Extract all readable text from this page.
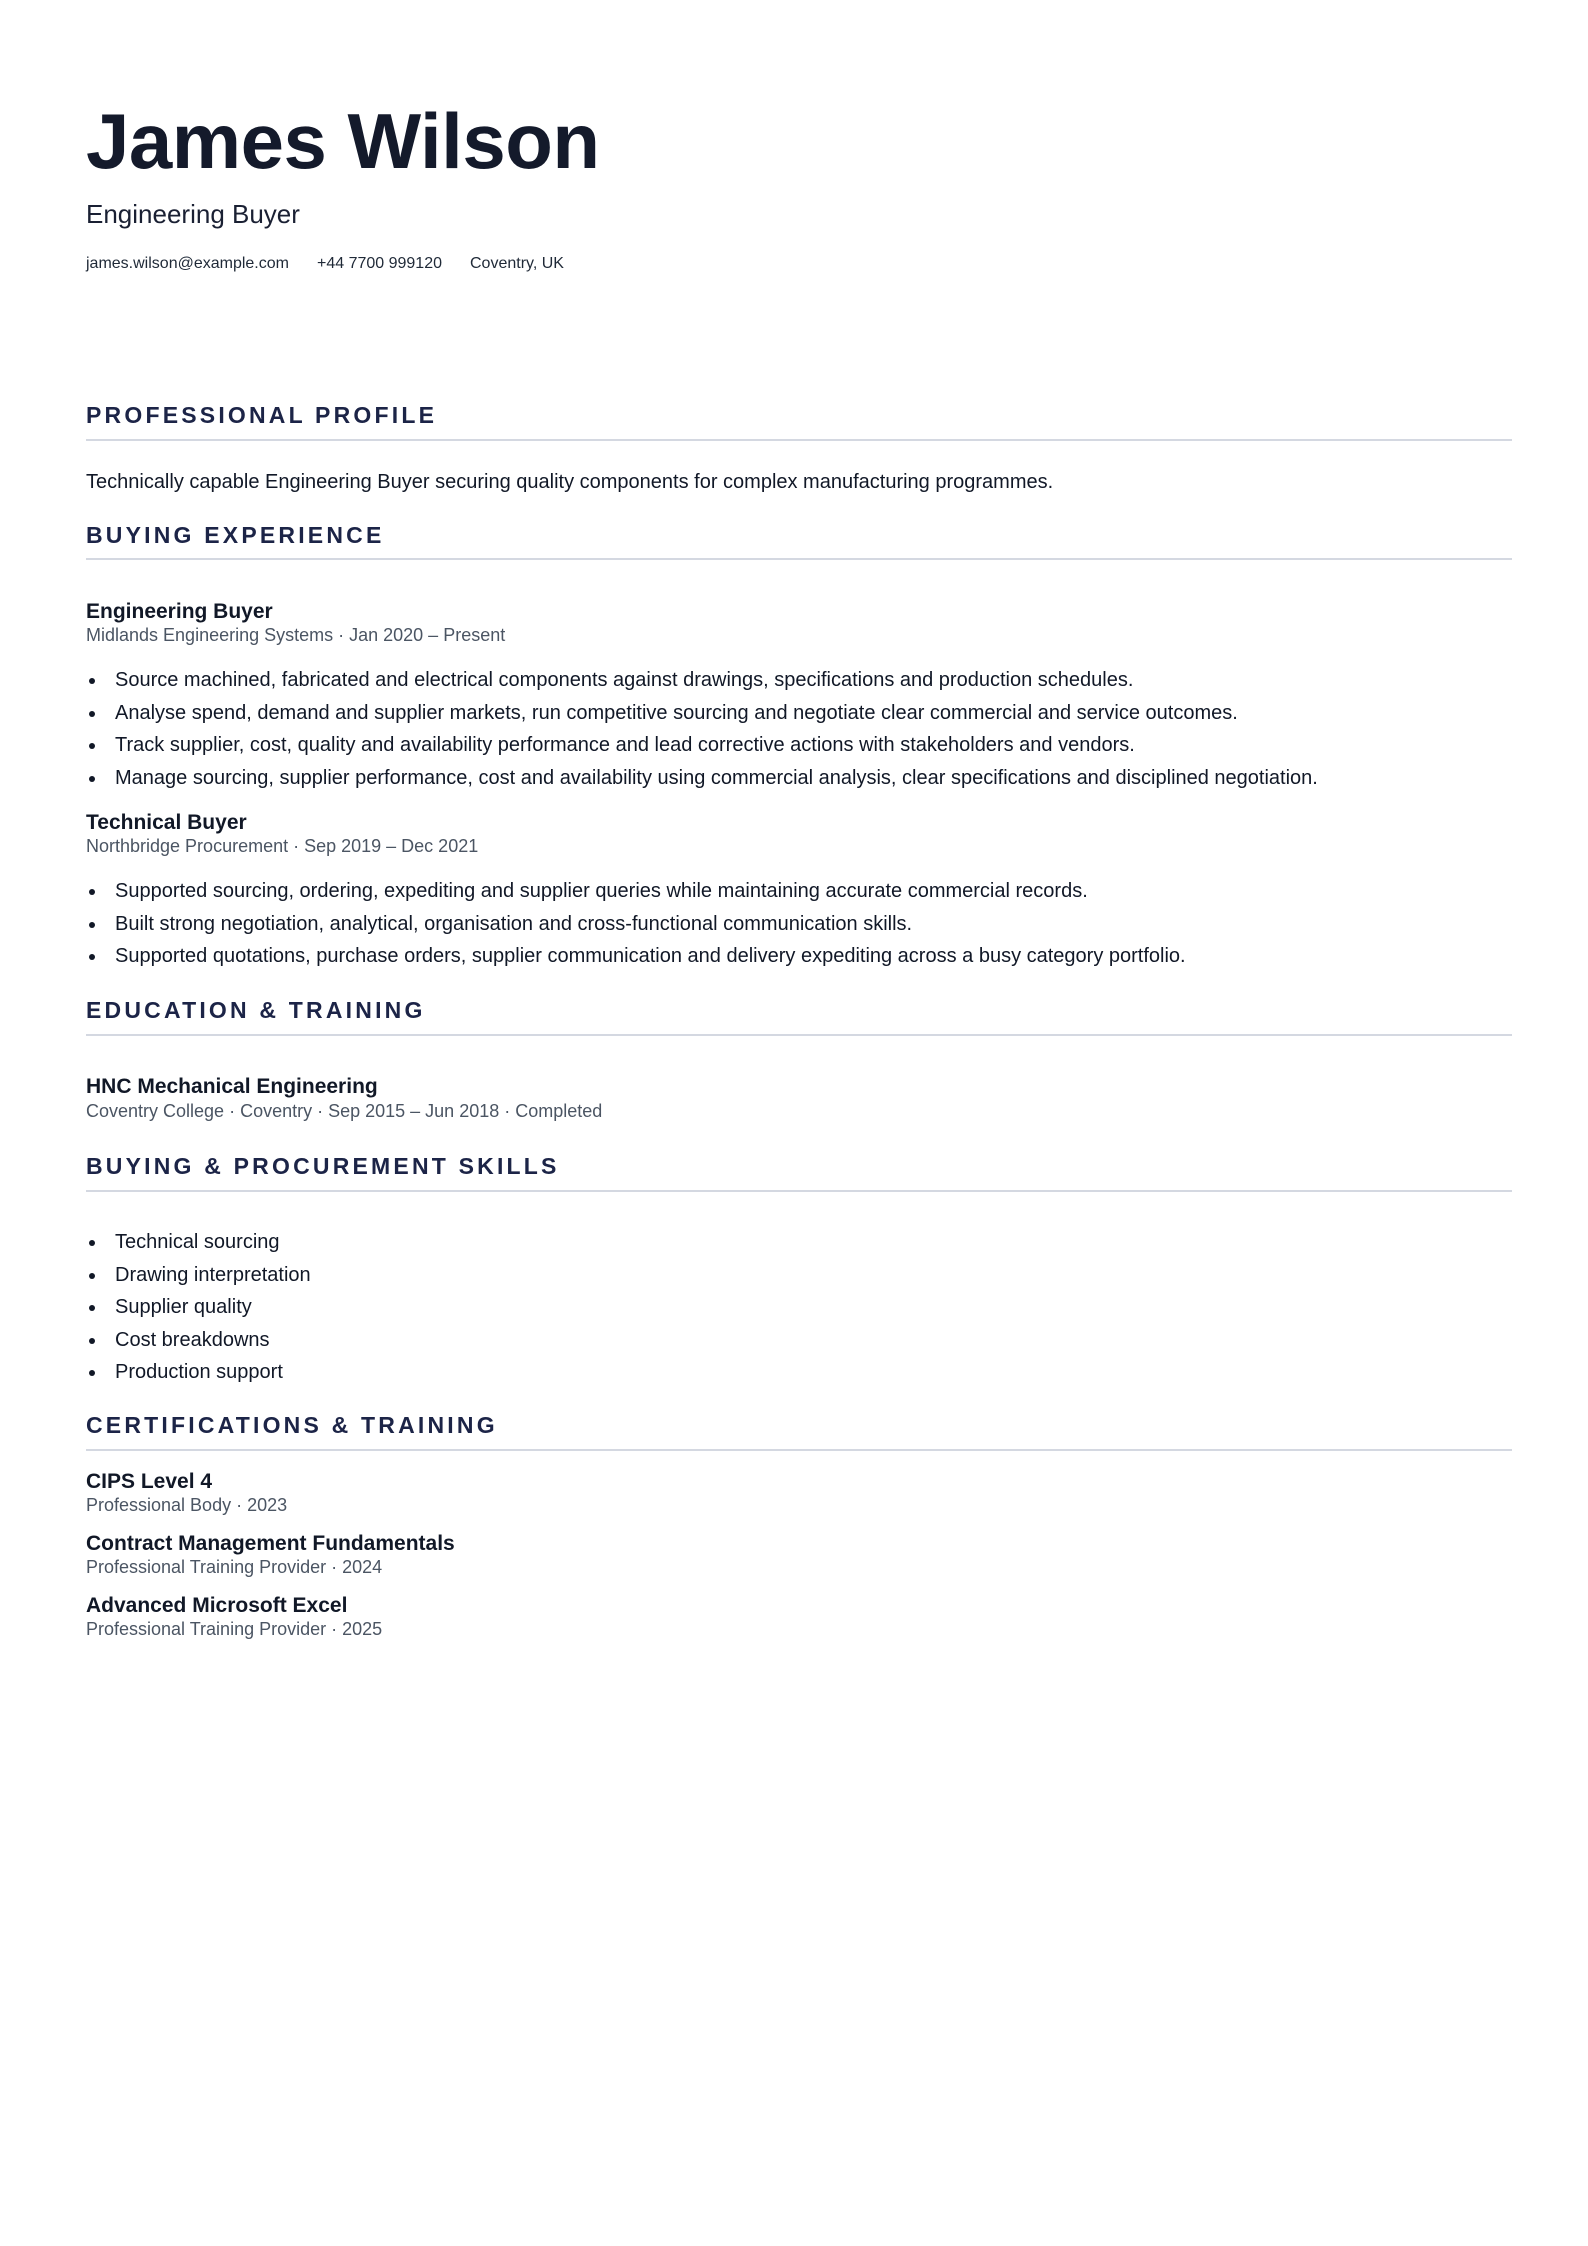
James Wilson
Engineering Buyer
james.wilson@example.com +44 7700 999120 Coventry, UK
PROFESSIONAL PROFILE
Technically capable Engineering Buyer securing quality components for complex manufacturing programmes.
BUYING EXPERIENCE
Engineering Buyer
Midlands Engineering Systems · Jan 2020 – Present
Source machined, fabricated and electrical components against drawings, specifications and production schedules.
Analyse spend, demand and supplier markets, run competitive sourcing and negotiate clear commercial and service outcomes.
Track supplier, cost, quality and availability performance and lead corrective actions with stakeholders and vendors.
Manage sourcing, supplier performance, cost and availability using commercial analysis, clear specifications and disciplined negotiation.
Technical Buyer
Northbridge Procurement · Sep 2019 – Dec 2021
Supported sourcing, ordering, expediting and supplier queries while maintaining accurate commercial records.
Built strong negotiation, analytical, organisation and cross-functional communication skills.
Supported quotations, purchase orders, supplier communication and delivery expediting across a busy category portfolio.
EDUCATION & TRAINING
HNC Mechanical Engineering
Coventry College · Coventry · Sep 2015 – Jun 2018 · Completed
BUYING & PROCUREMENT SKILLS
Technical sourcing
Drawing interpretation
Supplier quality
Cost breakdowns
Production support
CERTIFICATIONS & TRAINING
CIPS Level 4
Professional Body · 2023
Contract Management Fundamentals
Professional Training Provider · 2024
Advanced Microsoft Excel
Professional Training Provider · 2025
